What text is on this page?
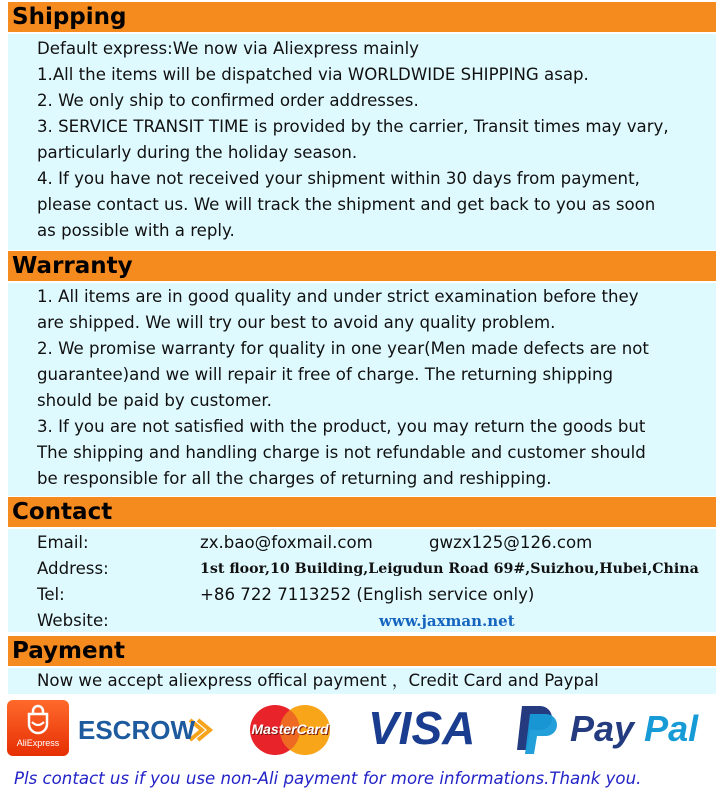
Shipping
Default express:We now via Aliexpress mainly
1.All the items will be dispatched via WORLDWIDE SHIPPING asap.
2. We only ship to confirmed order addresses.
3. SERVICE TRANSIT TIME is provided by the carrier, Transit times may vary,
particularly during the holiday season.
4. If you have not received your shipment within 30 days from payment,
please contact us. We will track the shipment and get back to you as soon
as possible with a reply.
Warranty
1. All items are in good quality and under strict examination before they
are shipped. We will try our best to avoid any quality problem.
2. We promise warranty for quality in one year(Men made defects are not
guarantee)and we will repair it free of charge. The returning shipping
should be paid by customer.
3. If you are not satisfied with the product, you may return the goods but
The shipping and handling charge is not refundable and customer should
be responsible for all the charges of returning and reshipping.
Contact
Email:	zx.bao@foxmail.com	gwzx125@126.com
Address:	1st floor,10 Building,Leigudun Road 69#,Suizhou,Hubei,China
Tel:	+86 722 7113252 (English service only)
Website:	www.jaxman.net
Payment
Now we accept aliexpress offical payment ，Credit Card and Paypal
AliExpress ESCROW	MasterCard VISA	Pay Pal
Pls contact us if you use non-Ali payment for more informations.Thank you.
